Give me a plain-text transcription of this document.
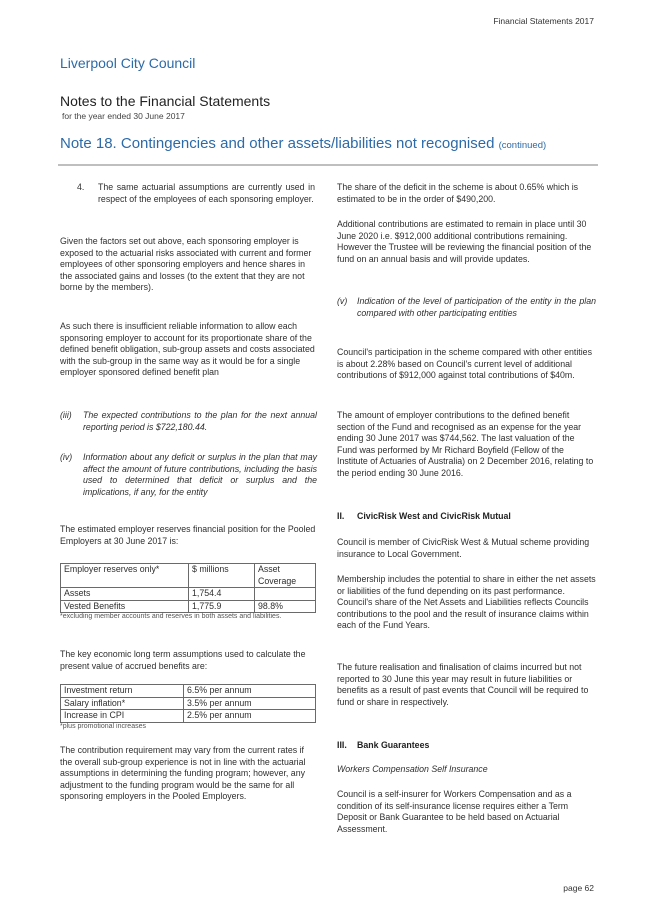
Financial Statements 2017
Liverpool City Council
Notes to the Financial Statements
for the year ended 30 June 2017
Note 18. Contingencies and other assets/liabilities not recognised (continued)
4.	The same actuarial assumptions are currently used in respect of the employees of each sponsoring employer.

Given the factors set out above, each sponsoring employer is exposed to the actuarial risks associated with current and former employees of other sponsoring employers and hence shares in the associated gains and losses (to the extent that they are not borne by the members).

As such there is insufficient reliable information to allow each sponsoring employer to account for its proportionate share of the defined benefit obligation, sub-group assets and costs associated with the sub-group in the same way as it would be for a single employer sponsored defined benefit plan

(iii)	The expected contributions to the plan for the next annual reporting period is $722,180.44.
(iv)	Information about any deficit or surplus in the plan that may affect the amount of future contributions, including the basis used to determined that deficit or surplus and the implications, if any, for the entity

The estimated employer reserves financial position for the Pooled Employers at 30 June 2017 is:

Employer reserves only*	$ millions	Asset Coverage
Assets	1,754.4	
Vested Benefits	1,775.9	98.8%

*excluding member accounts and reserves in both assets and liabilities.

The key economic long term assumptions used to calculate the present value of accrued benefits are:

Investment return	6.5% per annum
Salary inflation*	3.5% per annum
Increase in CPI	2.5% per annum

*plus promotional increases

The contribution requirement may vary from the current rates if the overall sub-group experience is not in line with the actuarial assumptions in determining the funding program; however, any adjustment to the funding program would be the same for all sponsoring employers in the Pooled Employers.

The share of the deficit in the scheme is about 0.65% which is estimated to be in the order of $490,200.

Additional contributions are estimated to remain in place until 30 June 2020 i.e. $912,000 additional contributions remaining. However the Trustee will be reviewing the financial position of the fund on an annual basis and will provide updates.

(v)	Indication of the level of participation of the entity in the plan compared with other participating entities

Council's participation in the scheme compared with other entities is about 2.28% based on Council's current level of additional contributions of $912,000 against total contributions of $40m.

The amount of employer contributions to the defined benefit section of the Fund and recognised as an expense for the year ending 30 June 2017 was $744,562. The last valuation of the Fund was performed by Mr Richard Boyfield (Fellow of the Institute of Actuaries of Australia) on 2 December 2016, relating to the period ending 30 June 2016.

II.	CivicRisk West and CivicRisk Mutual

Council is member of CivicRisk West & Mutual scheme providing insurance to Local Government.

Membership includes the potential to share in either the net assets or liabilities of the fund depending on its past performance. Council's share of the Net Assets and Liabilities reflects Councils contributions to the pool and the result of insurance claims within each of the Fund Years.

The future realisation and finalisation of claims incurred but not reported to 30 June this year may result in future liabilities or benefits as a result of past events that Council will be required to fund or share in respectively.

III.	Bank Guarantees

Workers Compensation Self Insurance

Council is a self-insurer for Workers Compensation and as a condition of its self-insurance license requires either a Term Deposit or Bank Guarantee to be held based on Actuarial Assessment.

page 62
